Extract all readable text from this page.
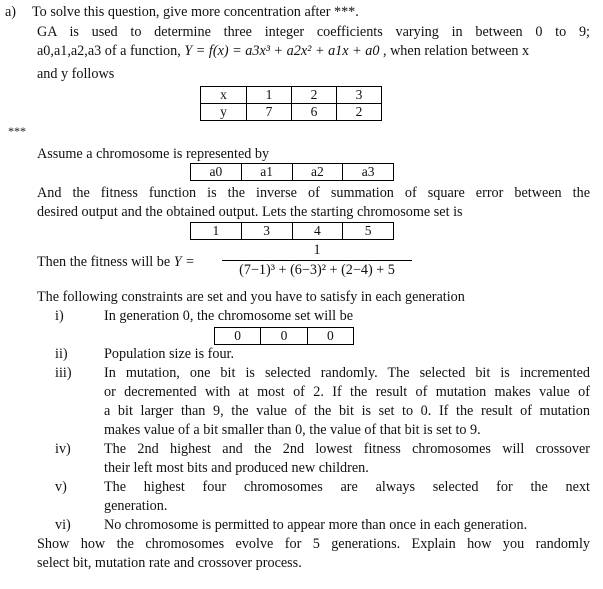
a) To solve this question, give more concentration after ***.
GA is used to determine three integer coefficients varying in between 0 to 9;
a0,a1,a2,a3 of a function, Y = f(x) = a3x³ + a2x² + a1x + a0 , when relation between x
and y follows
x	1	2	3
y	7	6	2
***
Assume a chromosome is represented by
a0	a1	a2	a3
And the fitness function is the inverse of summation of square error between the
desired output and the obtained output. Lets the starting chromosome set is
1	3	4	5
Then the fitness will be Y =
1
(7−1)³ + (6−3)² + (2−4) + 5
The following constraints are set and you have to satisfy in each generation
i)	In generation 0, the chromosome set will be
0	0	0
ii)	Population size is four.
iii) In mutation, one bit is selected randomly. The selected bit is incremented
or decremented with at most of 2. If the result of mutation makes value of
a bit larger than 9, the value of the bit is set to 0. If the result of mutation
makes value of a bit smaller than 0, the value of that bit is set to 9.
iv) The 2nd highest and the 2nd lowest fitness chromosomes will crossover
their left most bits and produced new children.
v)	The highest four chromosomes are always selected for the next
generation.
vi) No chromosome is permitted to appear more than once in each generation.
Show how the chromosomes evolve for 5 generations. Explain how you randomly
select bit, mutation rate and crossover process.
